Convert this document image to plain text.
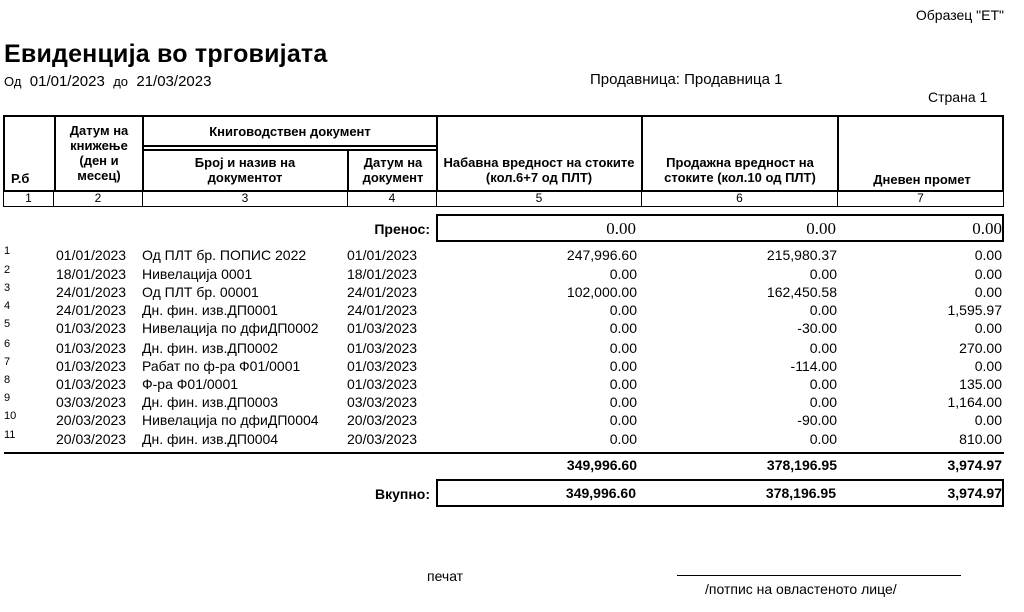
Образец "ЕТ"
Евиденција во трговијата
Од 01/01/2023 до 21/03/2023	Продавница: Продавница 1
Страна 1
Р.б
Датум на книжење (ден и месец)
Книговодствен документ
Број и назив на документот
Датум на документ
Набавна вредност на стоките (кол.6+7 од ПЛТ)
Продажна вредност на стоките (кол.10 од ПЛТ)	Дневен промет
1	2	3	4	5	6	7
Пренос:	0.00	0.00	0.00
1	01/01/2023 Од ПЛТ бр. ПОПИС 2022	01/01/2023	247,996.60	215,980.37	0.00
2	18/01/2023 Нивелација 0001	18/01/2023	0.00	0.00	0.00
3	24/01/2023 Од ПЛТ бр. 00001	24/01/2023	102,000.00	162,450.58	0.00
4	24/01/2023 Дн. фин. изв.ДП0001	24/01/2023	0.00	0.00	1,595.97
5	01/03/2023 Нивелација по дфиДП0002 01/03/2023	0.00	-30.00	0.00
6	01/03/2023 Дн. фин. изв.ДП0002	01/03/2023	0.00	0.00	270.00
7	01/03/2023 Рабат по ф-ра Ф01/0001	01/03/2023	0.00	-114.00	0.00
8	01/03/2023 Ф-ра Ф01/0001	01/03/2023	0.00	0.00	135.00
9	03/03/2023 Дн. фин. изв.ДП0003	03/03/2023	0.00	0.00	1,164.00
10	20/03/2023 Нивелација по дфиДП0004 20/03/2023	0.00	-90.00	0.00
11	20/03/2023 Дн. фин. изв.ДП0004	20/03/2023	0.00	0.00	810.00
349,996.60	378,196.95	3,974.97
Вкупно:	349,996.60	378,196.95	3,974.97
печат
/потпис на овластеното лице/
